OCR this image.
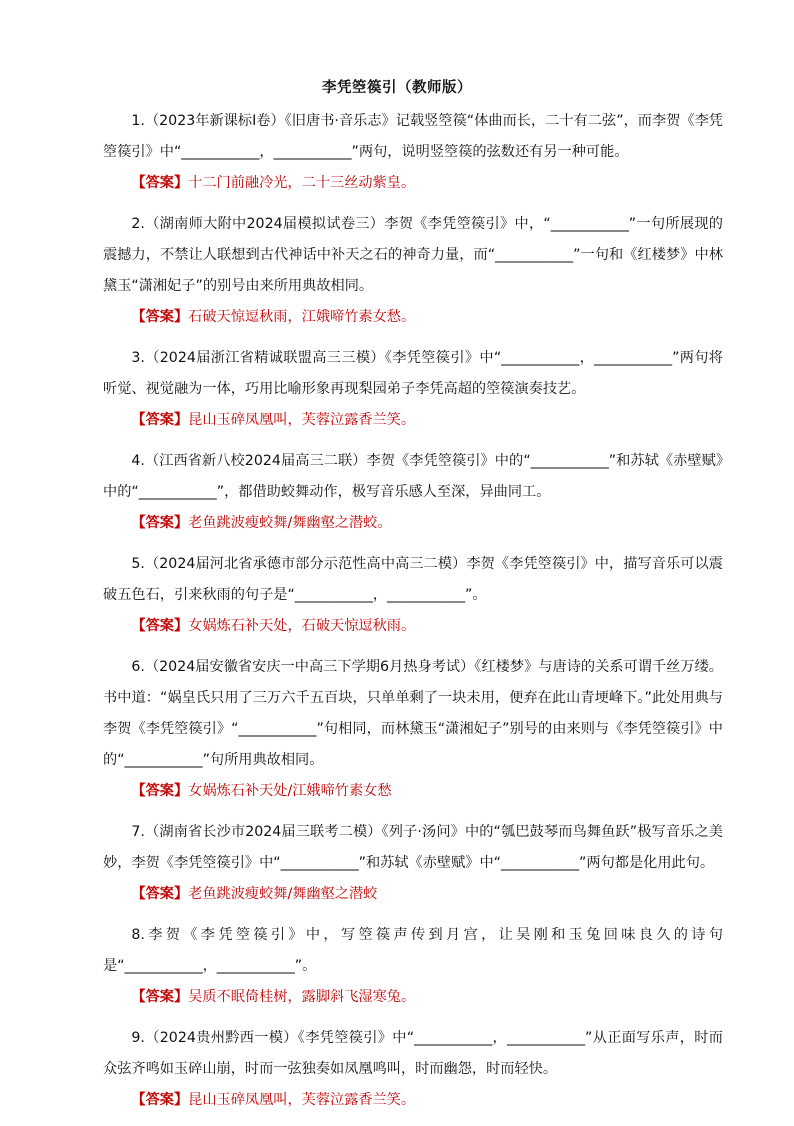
李凭箜篌引（教师版）

1.（2023年新课标Ⅰ卷）《旧唐书·音乐志》记载竖箜篌“体曲而长，二十有二弦”，而李贺《李凭箜篌引》中“___________，___________”两句，说明竖箜篌的弦数还有另一种可能。

【答案】十二门前融冷光，二十三丝动紫皇。

2.（湖南师大附中2024届模拟试卷三）李贺《李凭箜篌引》中，“___________”一句所展现的震撼力，不禁让人联想到古代神话中补天之石的神奇力量，而“___________”一句和《红楼梦》中林黛玉“潇湘妃子”的别号由来所用典故相同。

【答案】石破天惊逗秋雨，江娥啼竹素女愁。

3.（2024届浙江省精诚联盟高三三模）《李凭箜篌引》中“___________，___________”两句将听觉、视觉融为一体，巧用比喻形象再现梨园弟子李凭高超的箜篌演奏技艺。

【答案】昆山玉碎凤凰叫，芙蓉泣露香兰笑。

4.（江西省新八校2024届高三二联）李贺《李凭箜篌引》中的“___________”和苏轼《赤壁赋》中的“___________”，都借助蛟舞动作，极写音乐感人至深，异曲同工。

【答案】老鱼跳波瘦蛟舞/舞幽壑之潜蛟。

5.（2024届河北省承德市部分示范性高中高三二模）李贺《李凭箜篌引》中，描写音乐可以震破五色石，引来秋雨的句子是“___________，___________”。

【答案】女娲炼石补天处，石破天惊逗秋雨。

6.（2024届安徽省安庆一中高三下学期6月热身考试）《红楼梦》与唐诗的关系可谓千丝万缕。书中道：“娲皇氏只用了三万六千五百块，只单单剩了一块未用，便弃在此山青埂峰下。”此处用典与李贺《李凭箜篌引》“___________”句相同，而林黛玉“潇湘妃子”别号的由来则与《李凭箜篌引》中的“___________”句所用典故相同。

【答案】女娲炼石补天处/江娥啼竹素女愁

7.（湖南省长沙市2024届三联考二模）《列子·汤问》中的“瓠巴鼓琴而鸟舞鱼跃”极写音乐之美妙，李贺《李凭箜篌引》中“___________”和苏轼《赤壁赋》中“___________”两句都是化用此句。

【答案】老鱼跳波瘦蛟舞/舞幽壑之潜蛟

8.李贺《李凭箜篌引》中，写箜篌声传到月宫，让吴刚和玉兔回味良久的诗句是“___________，___________”。

【答案】吴质不眠倚桂树，露脚斜飞湿寒兔。

9.（2024贵州黔西一模）《李凭箜篌引》中“___________，___________”从正面写乐声，时而众弦齐鸣如玉碎山崩，时而一弦独奏如凤凰鸣叫，时而幽怨，时而轻快。

【答案】昆山玉碎凤凰叫，芙蓉泣露香兰笑。
